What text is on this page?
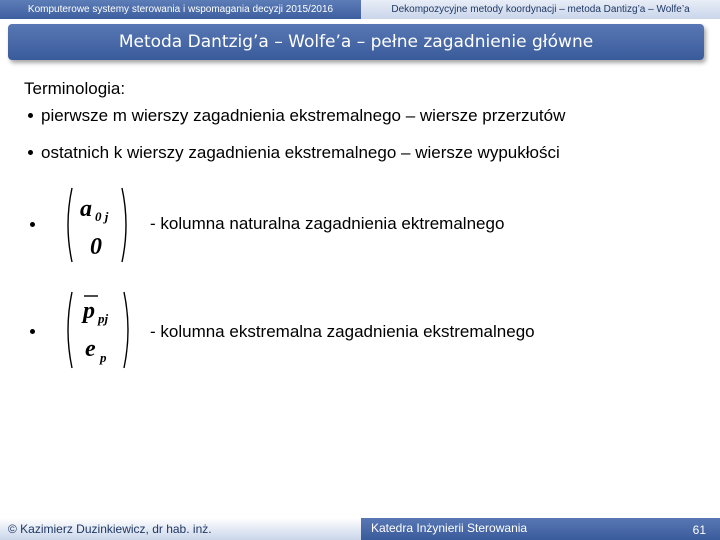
Komputerowe systemy sterowania i wspomagania decyzji 2015/2016	Dekompozycyjne metody koordynacji – metoda Dantizg’a – Wolfe’a
Metoda Dantzig’a – Wolfe’a – pełne zagadnienie główne
Terminologia:
pierwsze m wierszy zagadnienia ekstremalnego – wiersze przerzutów
ostatnich k wierszy zagadnienia ekstremalnego – wiersze wypukłości
a 0 j
0
- kolumna naturalna zagadnienia ektremalnego
p pj
e p
- kolumna ekstremalna zagadnienia ekstremalnego
© Kazimierz Duzinkiewicz, dr hab. inż.	Katedra Inżynierii Sterowania	61
